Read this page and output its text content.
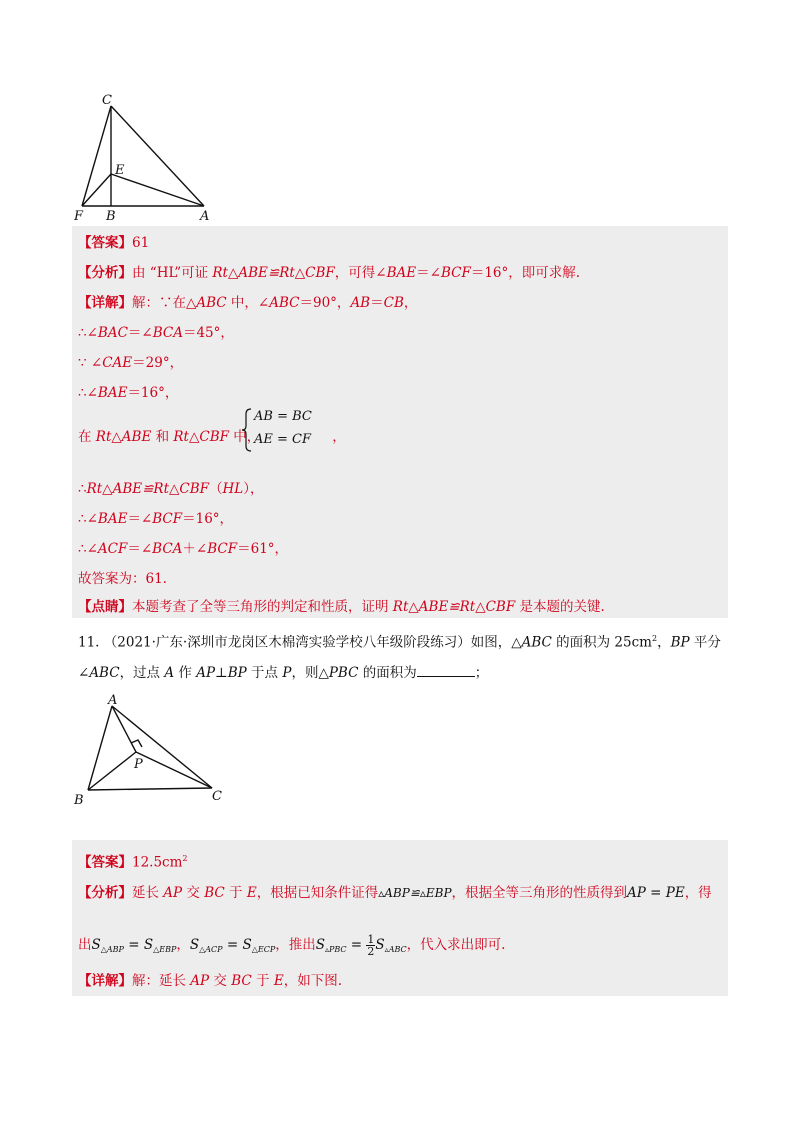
C
E
F B	A
【答案】61
【分析】由 “HL”可证 Rt△ABE≌Rt△CBF，可得∠BAE＝∠BCF＝16°，即可求解.
【详解】解：∵在△ABC 中，∠ABC＝90°，AB＝CB，
∴∠BAC＝∠BCA＝45°，
∵ ∠CAE＝29°，
∴∠BAE＝16°，
在 Rt△ABE 和 Rt△CBF 中，	，
AB = BC
AE = CF
∴Rt△ABE≌Rt△CBF（HL），
∴∠BAE＝∠BCF＝16°，
∴∠ACF＝∠BCA＋∠BCF＝61°，
故答案为：61.
【点睛】本题考查了全等三角形的判定和性质，证明 Rt△ABE≌Rt△CBF 是本题的关键.
11. （2021·广东·深圳市龙岗区木棉湾实验学校八年级阶段练习）如图，△ABC 的面积为 $25cm^2$，BP 平分
∠ABC，过点 A 作 AP⊥BP 于点 P，则△PBC 的面积为	；
A
P
B	C
【答案】$12.5cm^2$
【分析】延长 AP 交 BC 于 E，根据已知条件证得▵ABP≌▵EBP，根据全等三角形的性质得到AP = PE，得
出$S_{\triangle ABP} = S_{\triangle EBP}$，$S_{\triangle ACP} = S_{\triangle ECP}$，推出$S_{▵PBC} = \frac{1}{2} S_{▵ABC}$，代入求出即可.
【详解】解：延长 AP 交 BC 于 E，如下图.
